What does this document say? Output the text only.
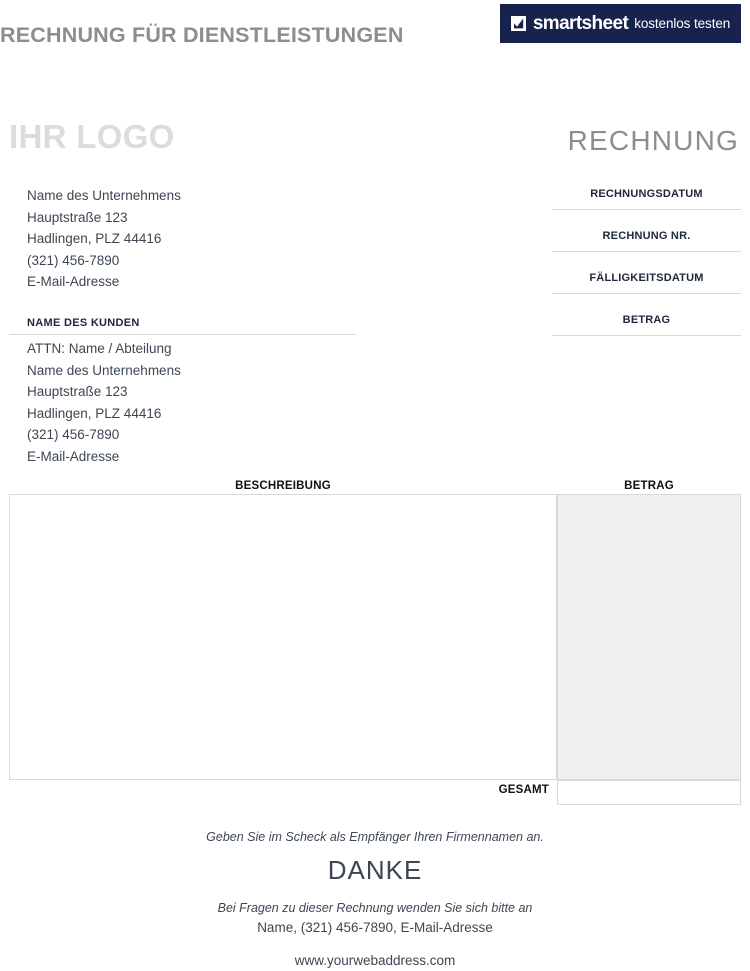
RECHNUNG FÜR DIENSTLEISTUNGEN	smartsheet kostenlos testen
IHR LOGO
Name des Unternehmens
Hauptstraße 123
Hadlingen, PLZ 44416
(321) 456-7890
E-Mail-Adresse
RECHNUNG
RECHNUNGSDATUM
RECHNUNG NR.
FÄLLIGKEITSDATUM
BETRAG
NAME DES KUNDEN
ATTN: Name / Abteilung
Name des Unternehmens
Hauptstraße 123
Hadlingen, PLZ 44416
(321) 456-7890
E-Mail-Adresse
BESCHREIBUNG	BETRAG
GESAMT
Geben Sie im Scheck als Empfänger Ihren Firmennamen an.
DANKE
Bei Fragen zu dieser Rechnung wenden Sie sich bitte an
Name, (321) 456-7890, E-Mail-Adresse
www.yourwebaddress.com
